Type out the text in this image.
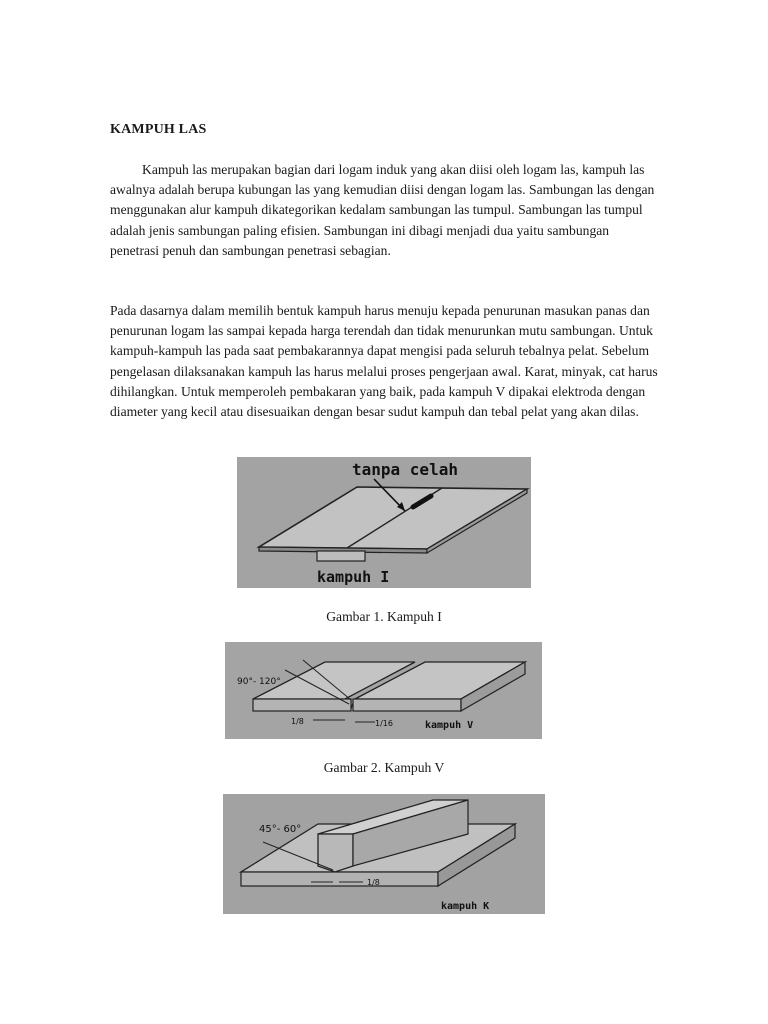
KAMPUH LAS

Kampuh las merupakan bagian dari logam induk yang akan diisi oleh logam las, kampuh las awalnya adalah berupa kubungan las yang kemudian diisi dengan logam las. Sambungan las dengan menggunakan alur kampuh dikategorikan kedalam sambungan las tumpul. Sambungan las tumpul adalah jenis sambungan paling efisien. Sambungan ini dibagi menjadi dua yaitu sambungan penetrasi penuh dan sambungan penetrasi sebagian.

Pada dasarnya dalam memilih bentuk kampuh harus menuju kepada penurunan masukan panas dan penurunan logam las sampai kepada harga terendah dan tidak menurunkan mutu sambungan. Untuk kampuh-kampuh las pada saat pembakarannya dapat mengisi pada seluruh tebalnya pelat. Sebelum pengelasan dilaksanakan kampuh las harus melalui proses pengerjaan awal. Karat, minyak, cat harus dihilangkan. Untuk memperoleh pembakaran yang baik, pada kampuh V dipakai elektroda dengan diameter yang kecil atau disesuaikan dengan besar sudut kampuh dan tebal pelat yang akan dilas.

tanpa celah
kampuh I
Gambar 1. Kampuh I
90°- 120°
1/8	1/16	kampuh V
Gambar 2. Kampuh V
45°- 60°
1/8
kampuh K
